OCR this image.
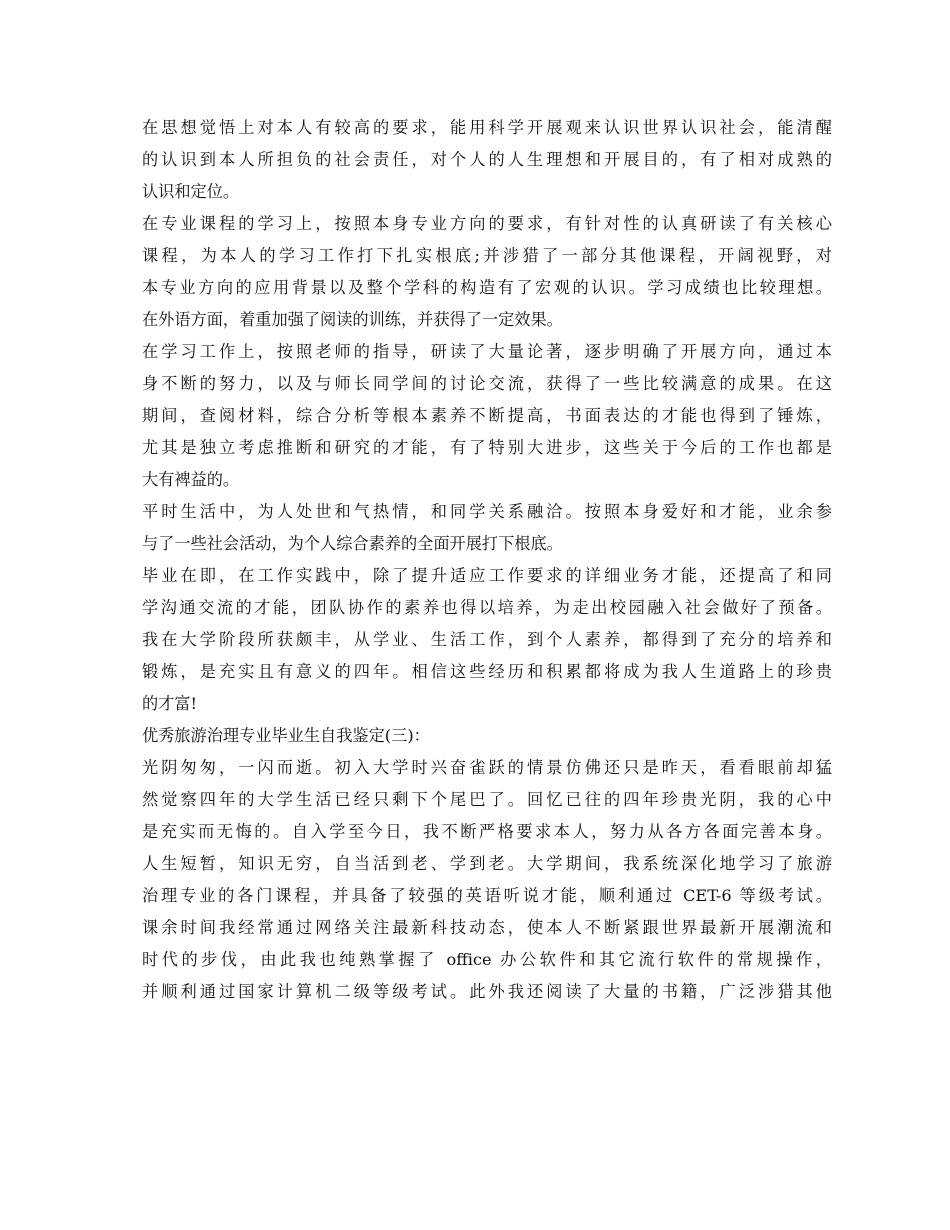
在思想觉悟上对本人有较高的要求，能用科学开展观来认识世界认识社会，能清醒
的认识到本人所担负的社会责任，对个人的人生理想和开展目的，有了相对成熟的
认识和定位。
在专业课程的学习上，按照本身专业方向的要求，有针对性的认真研读了有关核心
课程，为本人的学习工作打下扎实根底;并涉猎了一部分其他课程，开阔视野，对
本专业方向的应用背景以及整个学科的构造有了宏观的认识。学习成绩也比较理想。
在外语方面，着重加强了阅读的训练，并获得了一定效果。
在学习工作上，按照老师的指导，研读了大量论著，逐步明确了开展方向，通过本
身不断的努力，以及与师长同学间的讨论交流，获得了一些比较满意的成果。在这
期间，查阅材料，综合分析等根本素养不断提高，书面表达的才能也得到了锤炼，
尤其是独立考虑推断和研究的才能，有了特别大进步，这些关于今后的工作也都是
大有裨益的。
平时生活中，为人处世和气热情，和同学关系融洽。按照本身爱好和才能，业余参
与了一些社会活动，为个人综合素养的全面开展打下根底。
毕业在即，在工作实践中，除了提升适应工作要求的详细业务才能，还提高了和同
学沟通交流的才能，团队协作的素养也得以培养，为走出校园融入社会做好了预备。
我在大学阶段所获颇丰，从学业、生活工作，到个人素养，都得到了充分的培养和
锻炼，是充实且有意义的四年。相信这些经历和积累都将成为我人生道路上的珍贵
的才富!
优秀旅游治理专业毕业生自我鉴定(三)：
光阴匆匆，一闪而逝。初入大学时兴奋雀跃的情景仿佛还只是昨天，看看眼前却猛
然觉察四年的大学生活已经只剩下个尾巴了。回忆已往的四年珍贵光阴，我的心中
是充实而无悔的。自入学至今日，我不断严格要求本人，努力从各方各面完善本身。
人生短暂，知识无穷，自当活到老、学到老。大学期间，我系统深化地学习了旅游
治理专业的各门课程，并具备了较强的英语听说才能，顺利通过 CET-6 等级考试。
课余时间我经常通过网络关注最新科技动态，使本人不断紧跟世界最新开展潮流和
时代的步伐，由此我也纯熟掌握了 office 办公软件和其它流行软件的常规操作，
并顺利通过国家计算机二级等级考试。此外我还阅读了大量的书籍，广泛涉猎其他
